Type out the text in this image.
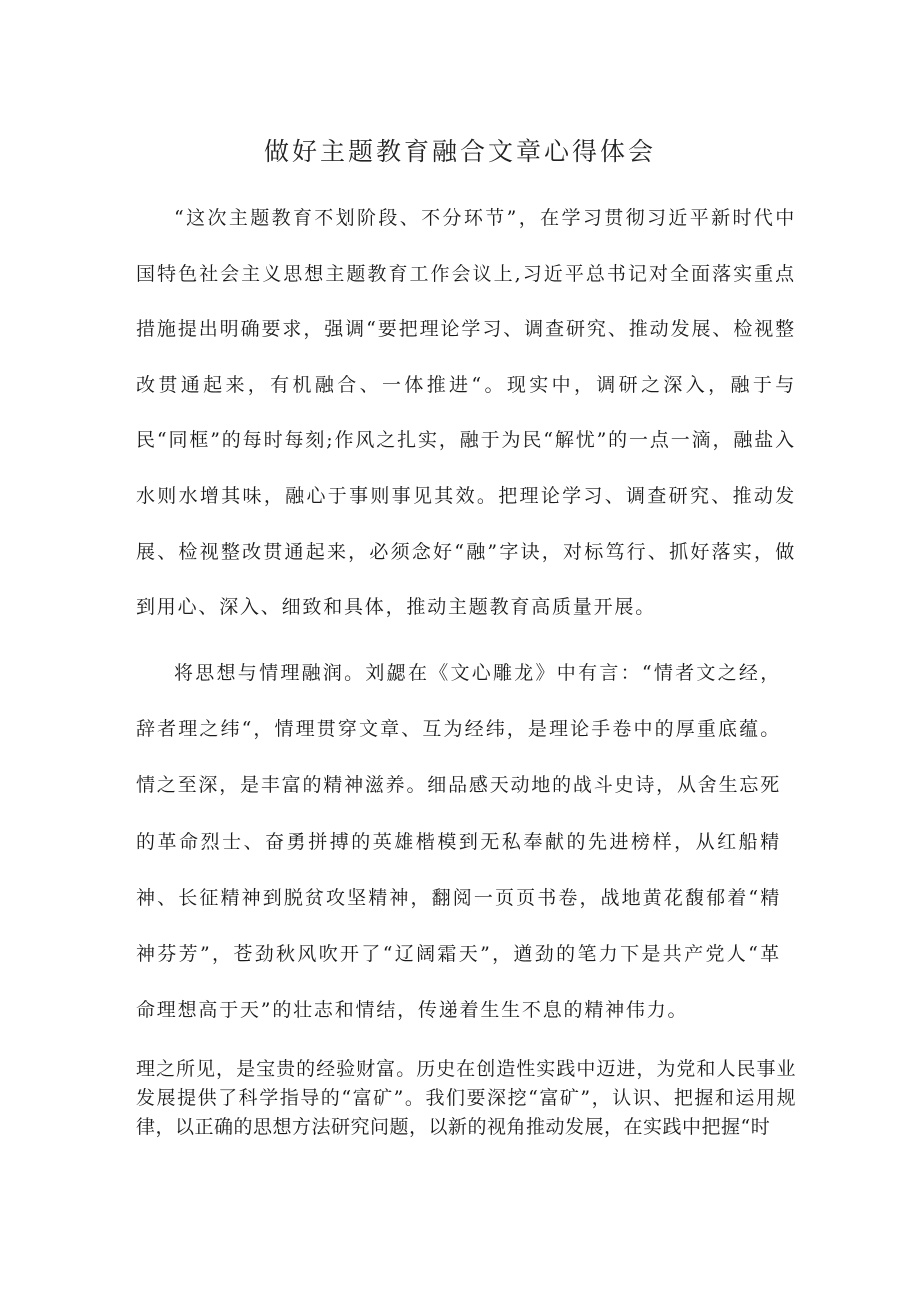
做好主题教育融合文章心得体会

“这次主题教育不划阶段、不分环节”，在学习贯彻习近平新时代中国特色社会主义思想主题教育工作会议上,习近平总书记对全面落实重点措施提出明确要求，强调“要把理论学习、调查研究、推动发展、检视整改贯通起来，有机融合、一体推进“。现实中，调研之深入，融于与民“同框”的每时每刻;作风之扎实，融于为民“解忧”的一点一滴，融盐入水则水增其味，融心于事则事见其效。把理论学习、调查研究、推动发展、检视整改贯通起来，必须念好“融”字诀，对标笃行、抓好落实，做到用心、深入、细致和具体，推动主题教育高质量开展。

将思想与情理融润。刘勰在《文心雕龙》中有言：“情者文之经，辞者理之纬“，情理贯穿文章、互为经纬，是理论手卷中的厚重底蕴。情之至深，是丰富的精神滋养。细品感天动地的战斗史诗，从舍生忘死的革命烈士、奋勇拼搏的英雄楷模到无私奉献的先进榜样，从红船精神、长征精神到脱贫攻坚精神，翻阅一页页书卷，战地黄花馥郁着“精神芬芳”，苍劲秋风吹开了“辽阔霜天”，遒劲的笔力下是共产党人“革命理想高于天”的壮志和情结，传递着生生不息的精神伟力。

理之所见，是宝贵的经验财富。历史在创造性实践中迈进，为党和人民事业发展提供了科学指导的“富矿”。我们要深挖“富矿”，认识、把握和运用规律，以正确的思想方法研究问题，以新的视角推动发展，在实践中把握“时
